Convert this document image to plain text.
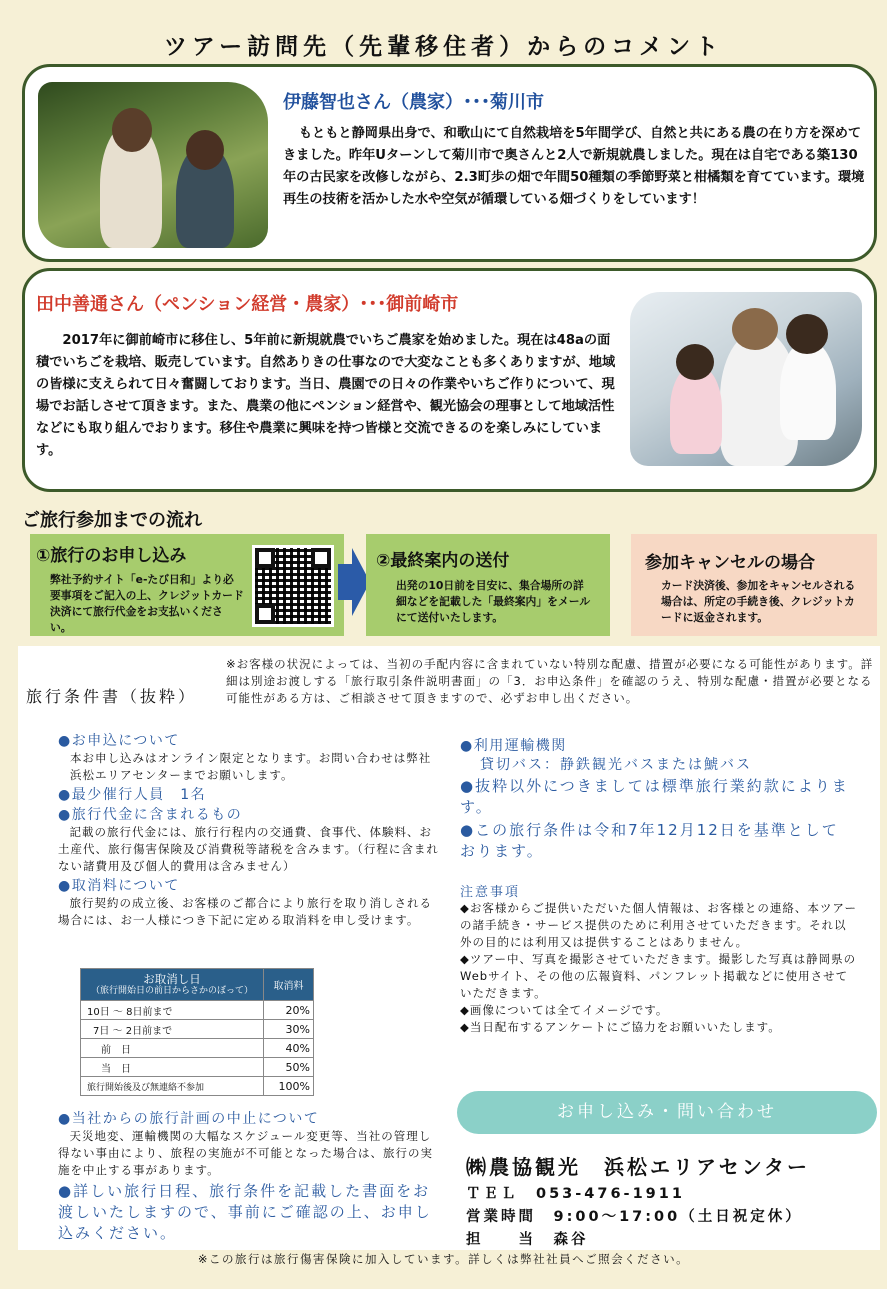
ツアー訪問先（先輩移住者）からのコメント
伊藤智也さん（農家）･･･菊川市
もともと静岡県出身で、和歌山にて自然栽培を5年間学び、自然と共にある農の在り方を深めてきました。昨年Uターンして菊川市で奥さんと2人で新規就農しました。現在は自宅である築130年の古民家を改修しながら、2.3町歩の畑で年間50種類の季節野菜と柑橘類を育てています。環境再生の技術を活かした水や空気が循環している畑づくりをしています！
田中善通さん（ペンション経営・農家）･･･御前崎市
2017年に御前崎市に移住し、5年前に新規就農でいちご農家を始めました。現在は48aの面積でいちごを栽培、販売しています。自然ありきの仕事なので大変なことも多くありますが、地域の皆様に支えられて日々奮闘しております。当日、農園での日々の作業やいちご作りについて、現場でお話しさせて頂きます。また、農業の他にペンション経営や、観光協会の理事として地域活性などにも取り組んでおります。移住や農業に興味を持つ皆様と交流できるのを楽しみにしています。
ご旅行参加までの流れ
①旅行のお申し込み
弊社予約サイト「e-たび日和」より必要事項をご記入の上、クレジットカード決済にて旅行代金をお支払いください。
②最終案内の送付
出発の10日前を目安に、集合場所の詳細などを記載した「最終案内」をメールにて送付いたします。
参加キャンセルの場合
カード決済後、参加をキャンセルされる場合は、所定の手続き後、クレジットカードに返金されます。
旅行条件書（抜粋）
※お客様の状況によっては、当初の手配内容に含まれていない特別な配慮、措置が必要になる可能性があります。詳細は別途お渡しする「旅行取引条件説明書面」の「3．お申込条件」を確認のうえ、特別な配慮・措置が必要となる可能性がある方は、ご相談させて頂きますので、必ずお申し出ください。
●お申込について
本お申し込みはオンライン限定となります。お問い合わせは弊社浜松エリアセンターまでお願いします。
●最少催行人員　1名
●旅行代金に含まれるもの
記載の旅行代金には、旅行行程内の交通費、食事代、体験料、お土産代、旅行傷害保険及び消費税等諸税を含みます。（行程に含まれない諸費用及び個人的費用は含みません）
●取消料について
旅行契約の成立後、お客様のご都合により旅行を取り消しされる場合には、お一人様につき下記に定める取消料を申し受けます。
お取消し日
（旅行開始日の前日からさかのぼって）	取消料
10日 ～ 8日前まで	20%
7日 ～ 2日前まで	30%
前　日	40%
当　日	50%
旅行開始後及び無連絡不参加	100%
●当社からの旅行計画の中止について
天災地変、運輸機関の大幅なスケジュール変更等、当社の管理し得ない事由により、旅程の実施が不可能となった場合は、旅行の実施を中止する事があります。
●詳しい旅行日程、旅行条件を記載した書面をお渡しいたしますので、事前にご確認の上、お申し込みください。
●利用運輸機関
貸切バス：静鉄観光バスまたは鯱バス
●抜粋以外につきましては標準旅行業約款によります。
●この旅行条件は令和7年12月12日を基準としております。
注意事項
◆お客様からご提供いただいた個人情報は、お客様との連絡、本ツアーの諸手続き・サービス提供のために利用させていただきます。それ以外の目的には利用又は提供することはありません。
◆ツアー中、写真を撮影させていただきます。撮影した写真は静岡県のWebサイト、その他の広報資料、パンフレット掲載などに使用させていただきます。
◆画像については全てイメージです。
◆当日配布するアンケートにご協力をお願いいたします。
お申し込み・問い合わせ
㈱農協観光　浜松エリアセンター
ＴＥＬ　053-476-1911
営業時間　9:00～17:00（土日祝定休）
担　　当　森谷
※この旅行は旅行傷害保険に加入しています。詳しくは弊社社員へご照会ください。
